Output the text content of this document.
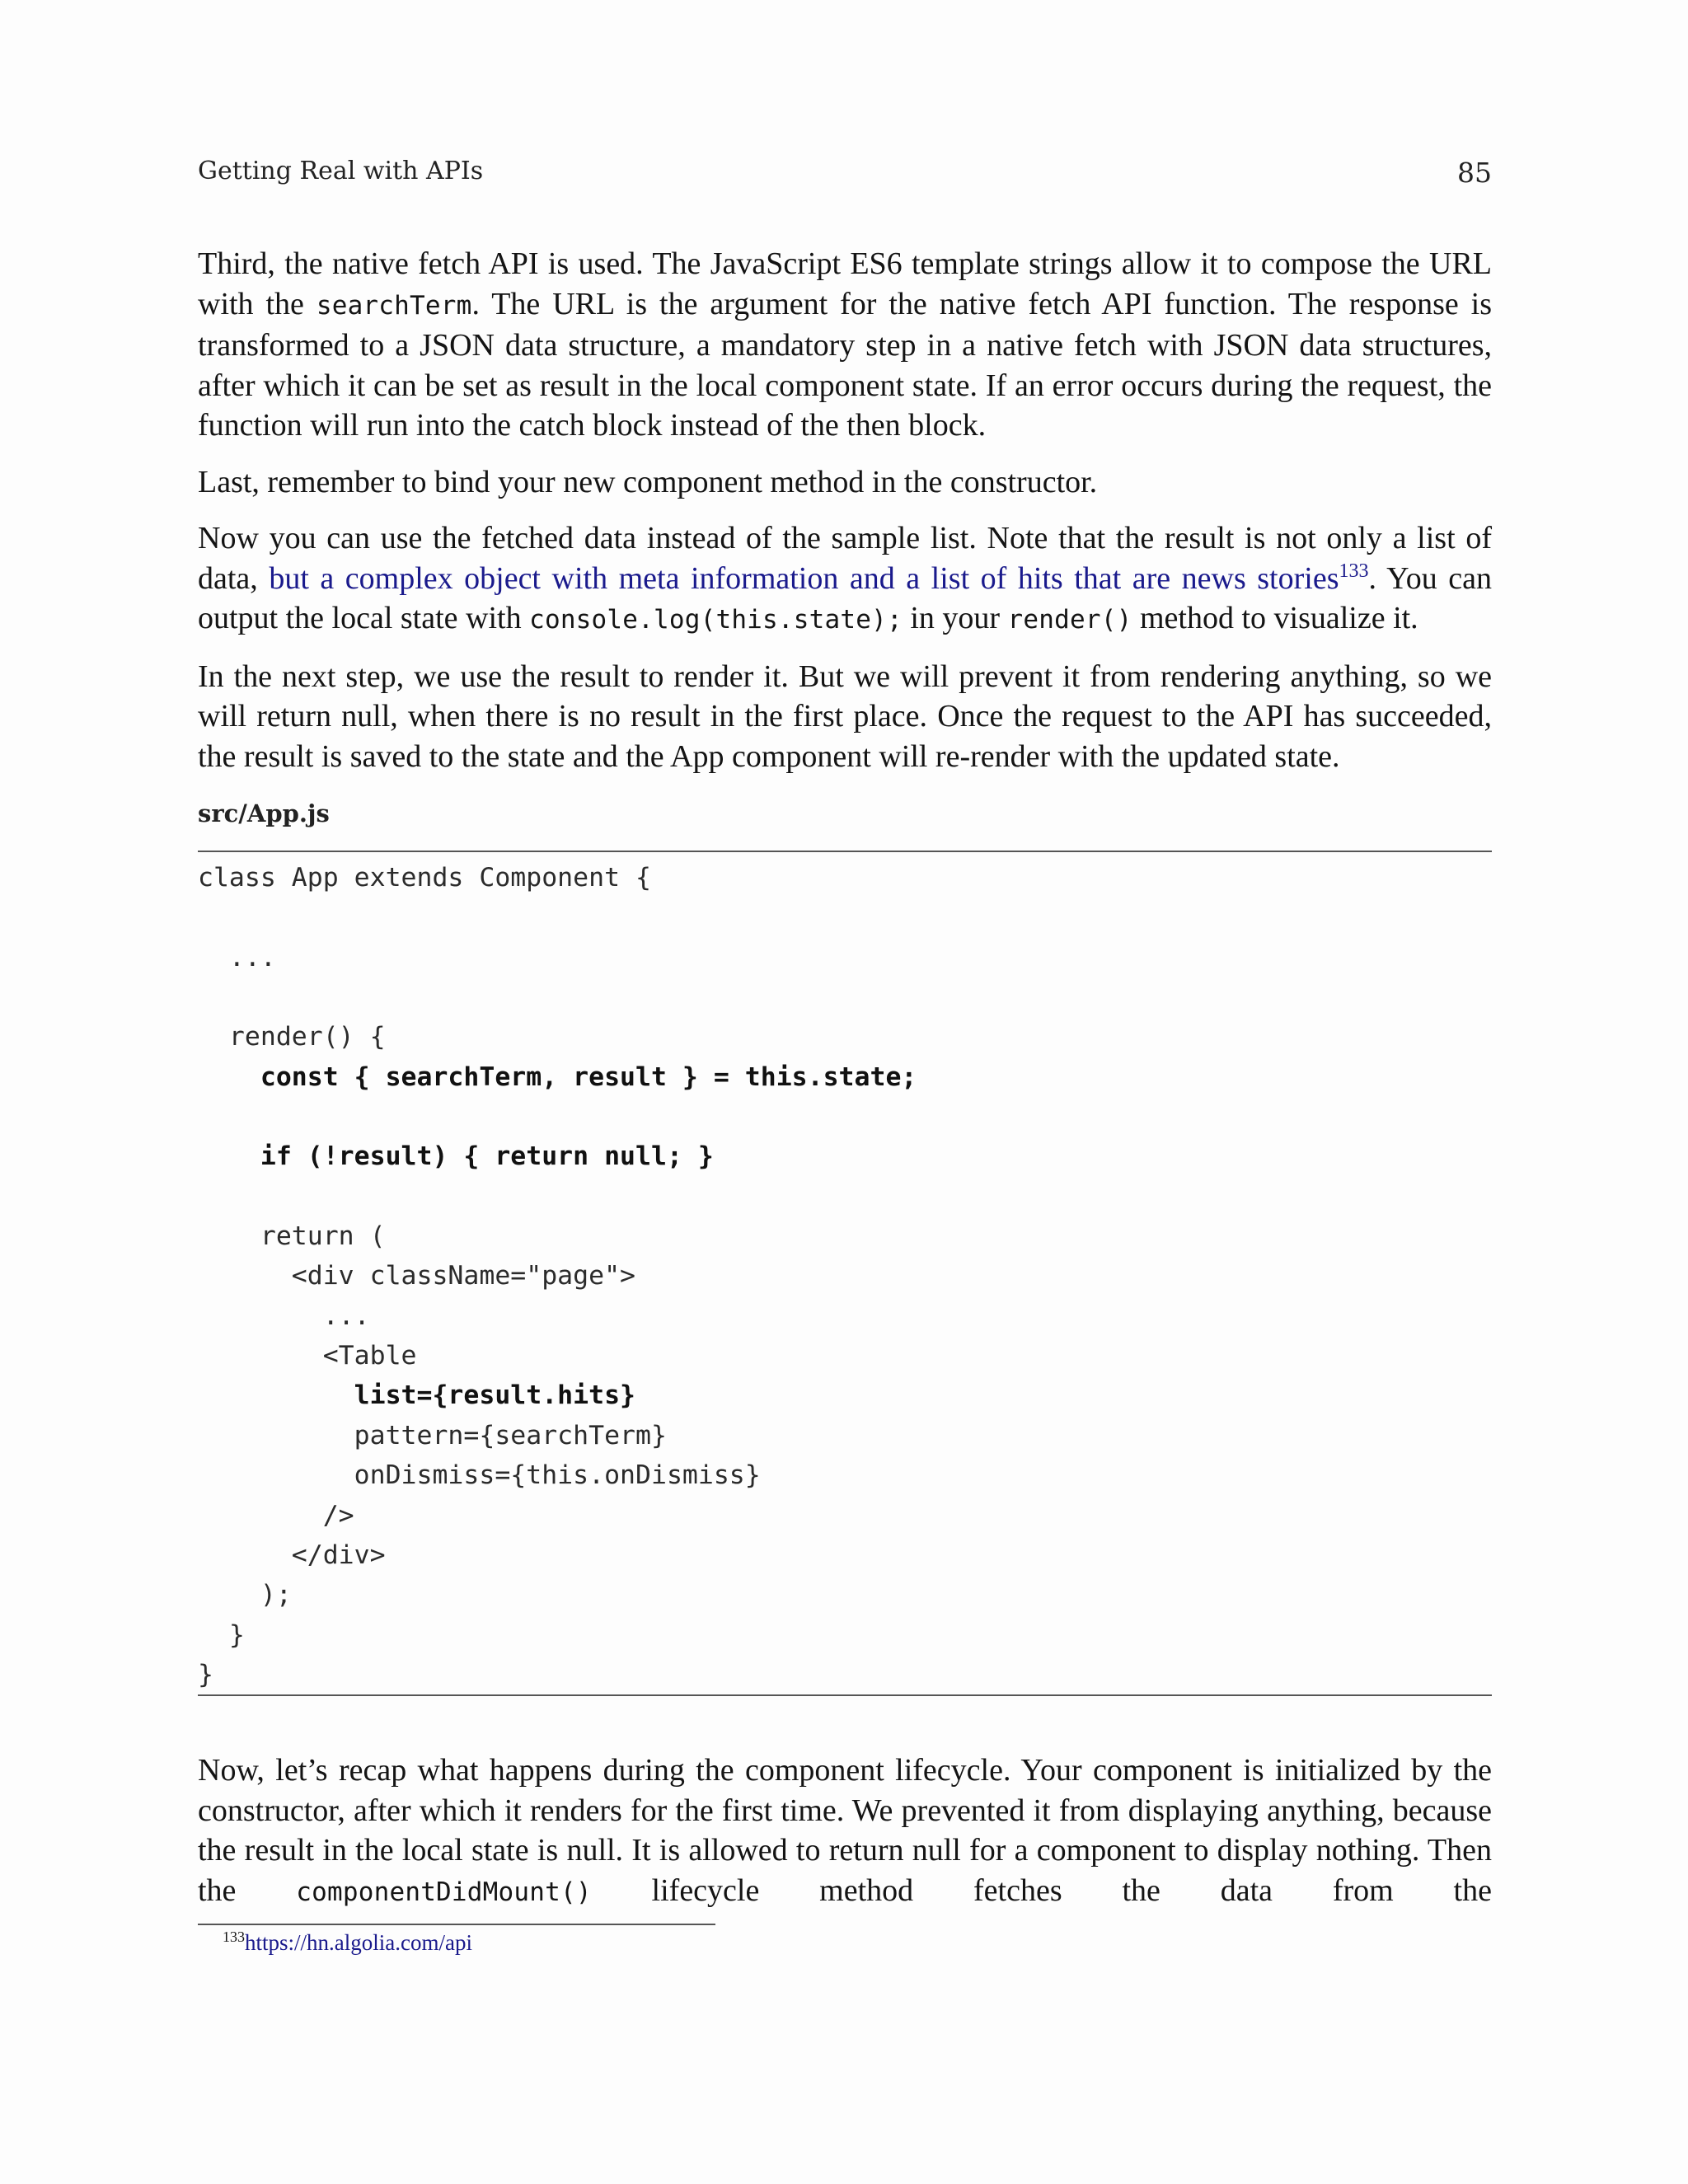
Getting Real with APIs	85

Third, the native fetch API is used. The JavaScript ES6 template strings allow it to compose the URL with the searchTerm. The URL is the argument for the native fetch API function. The response is transformed to a JSON data structure, a mandatory step in a native fetch with JSON data structures, after which it can be set as result in the local component state. If an error occurs during the request, the function will run into the catch block instead of the then block.

Last, remember to bind your new component method in the constructor.

Now you can use the fetched data instead of the sample list. Note that the result is not only a list of data, but a complex object with meta information and a list of hits that are news stories$^{133}$. You can output the local state with console.log(this.state); in your render() method to visualize it.

In the next step, we use the result to render it. But we will prevent it from rendering anything, so we will return null, when there is no result in the first place. Once the request to the API has succeeded, the result is saved to the state and the App component will re-render with the updated state.

src/App.js
class App extends Component {
...
render() {
const { searchTerm, result } = this.state;
if (!result) { return null; }
return (
<div className="page">
...
<Table
list={result.hits}
pattern={searchTerm}
onDismiss={this.onDismiss}
/>
</div>
);
}
}
Now, let’s recap what happens during the component lifecycle. Your component is initialized by the constructor, after which it renders for the first time. We prevented it from displaying anything, because the result in the local state is null. It is allowed to return null for a component to display nothing. Then the componentDidMount() lifecycle method fetches the data from the
$^{133}$https://hn.algolia.com/api
